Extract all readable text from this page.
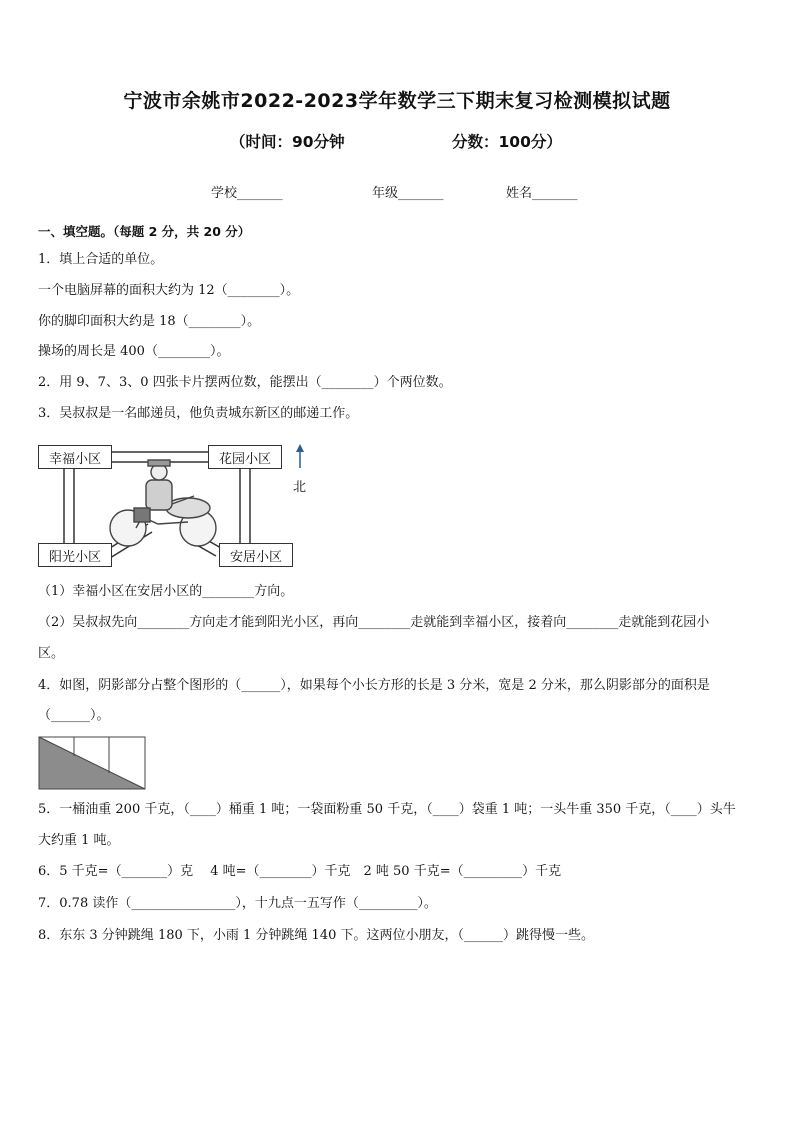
宁波市余姚市2022-2023学年数学三下期末复习检测模拟试题
（时间：90分钟	分数：100分）
学校_______	年级_______	姓名_______
一、填空题。（每题 2 分，共 20 分）
1．填上合适的单位。
一个电脑屏幕的面积大约为 12（________）。
你的脚印面积大约是 18（________）。
操场的周长是 400（________）。
2．用 9、7、3、0 四张卡片摆两位数，能摆出（________）个两位数。
3．吴叔叔是一名邮递员，他负责城东新区的邮递工作。
幸福小区	花园小区
阳光小区	安居小区
北
（1）幸福小区在安居小区的________方向。
（2）吴叔叔先向________方向走才能到阳光小区，再向________走就能到幸福小区，接着向________走就能到花园小
区。
4．如图，阴影部分占整个图形的（______），如果每个小长方形的长是 3 分米，宽是 2 分米，那么阴影部分的面积是
（______）。
5．一桶油重 200 千克，（____）桶重 1 吨；一袋面粉重 50 千克，（____）袋重 1 吨；一头牛重 350 千克，（____）头牛
大约重 1 吨。
6．5 千克=（_______）克　 4 吨=（________）千克　2 吨 50 千克=（_________）千克
7．0.78 读作（________________），十九点一五写作（_________）。
8．东东 3 分钟跳绳 180 下，小雨 1 分钟跳绳 140 下。这两位小朋友，（______）跳得慢一些。
